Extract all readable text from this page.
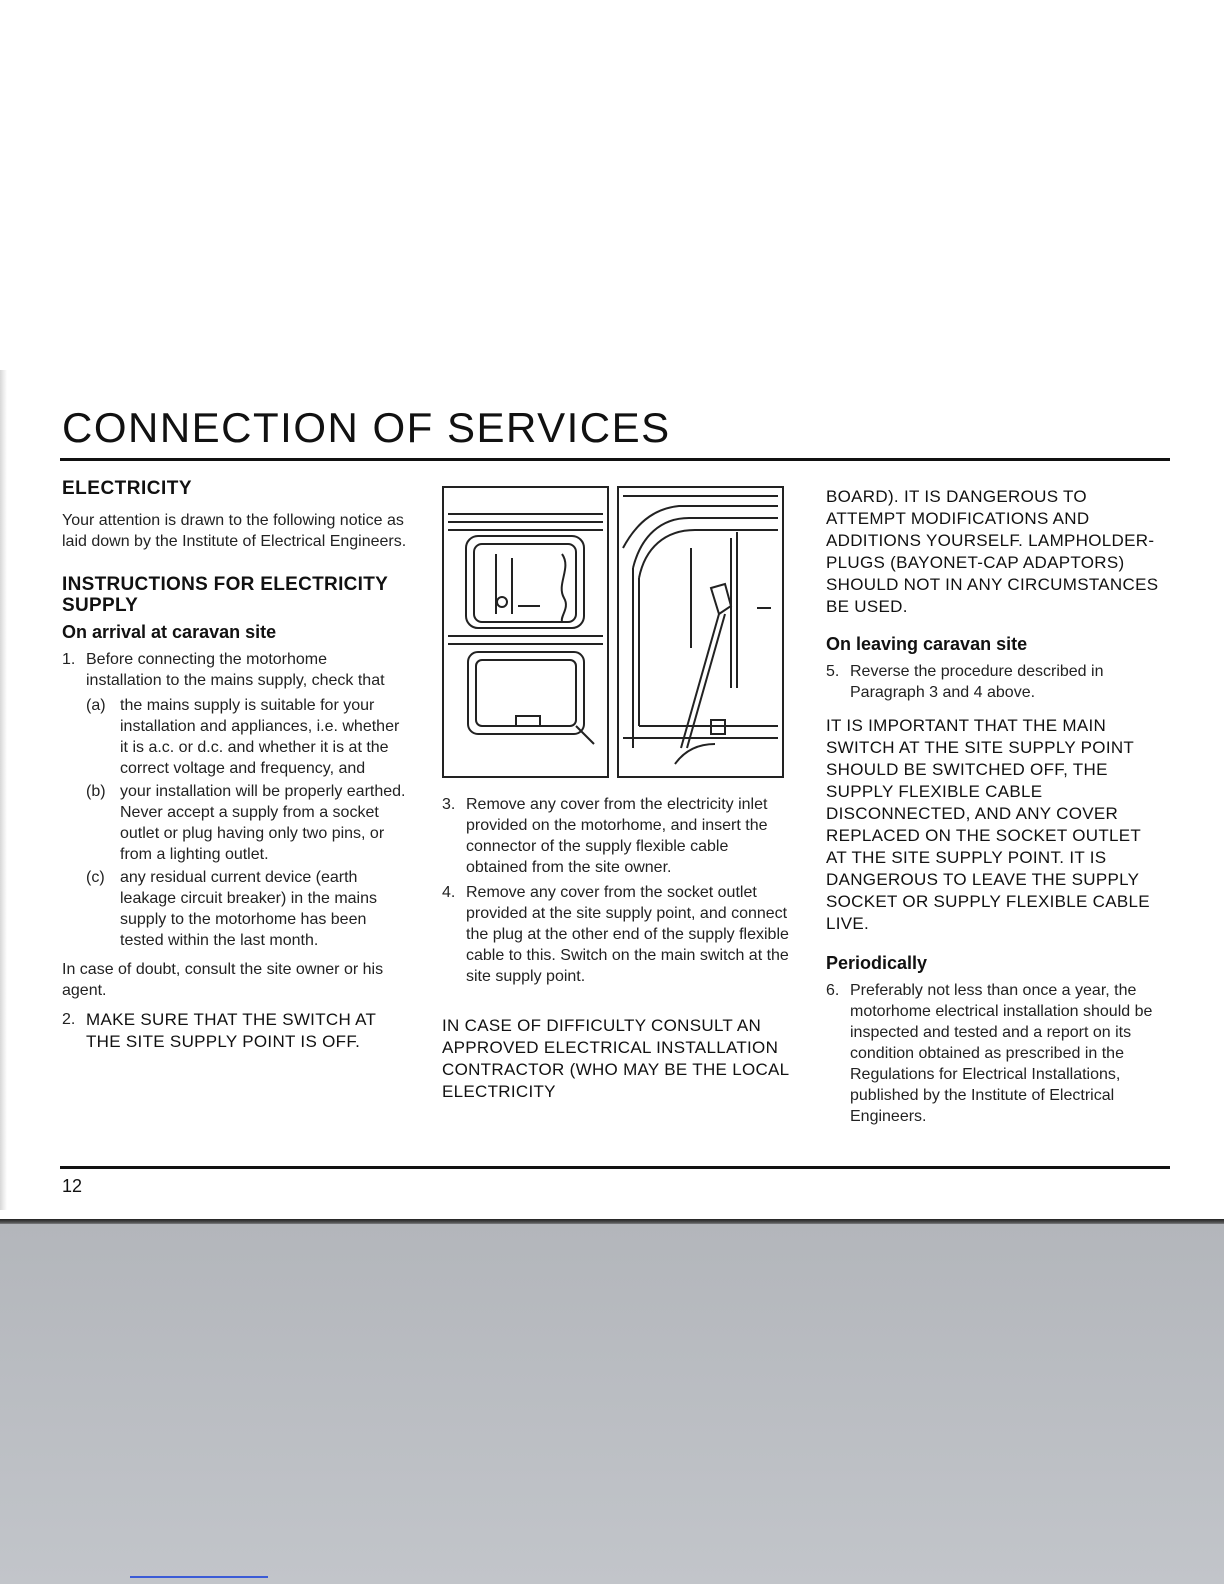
CONNECTION OF SERVICES
ELECTRICITY

Your attention is drawn to the following notice as laid down by the Institute of Electrical Engineers.

INSTRUCTIONS FOR ELECTRICITY SUPPLY
On arrival at caravan site
1. Before connecting the motorhome installation to the mains supply, check that
(a) the mains supply is suitable for your installation and appliances, i.e. whether it is a.c. or d.c. and whether it is at the correct voltage and frequency, and
(b) your installation will be properly earthed. Never accept a supply from a socket outlet or plug having only two pins, or from a lighting outlet.
(c) any residual current device (earth leakage circuit breaker) in the mains supply to the motorhome has been tested within the last month.

In case of doubt, consult the site owner or his agent.

2. MAKE SURE THAT THE SWITCH AT THE SITE SUPPLY POINT IS OFF.
3. Remove any cover from the electricity inlet provided on the motorhome, and insert the connector of the supply flexible cable obtained from the site owner.
4. Remove any cover from the socket outlet provided at the site supply point, and connect the plug at the other end of the supply flexible cable to this. Switch on the main switch at the site supply point.

IN CASE OF DIFFICULTY CONSULT AN APPROVED ELECTRICAL INSTALLATION CONTRACTOR (WHO MAY BE THE LOCAL ELECTRICITY

BOARD). IT IS DANGEROUS TO ATTEMPT MODIFICATIONS AND ADDITIONS YOURSELF. LAMPHOLDER-PLUGS (BAYONET-CAP ADAPTORS) SHOULD NOT IN ANY CIRCUMSTANCES BE USED.

On leaving caravan site
5. Reverse the procedure described in Paragraph 3 and 4 above.

IT IS IMPORTANT THAT THE MAIN SWITCH AT THE SITE SUPPLY POINT SHOULD BE SWITCHED OFF, THE SUPPLY FLEXIBLE CABLE DISCONNECTED, AND ANY COVER REPLACED ON THE SOCKET OUTLET AT THE SITE SUPPLY POINT. IT IS DANGEROUS TO LEAVE THE SUPPLY SOCKET OR SUPPLY FLEXIBLE CABLE LIVE.

Periodically
6. Preferably not less than once a year, the motorhome electrical installation should be inspected and tested and a report on its condition obtained as prescribed in the Regulations for Electrical Installations, published by the Institute of Electrical Engineers.
12
